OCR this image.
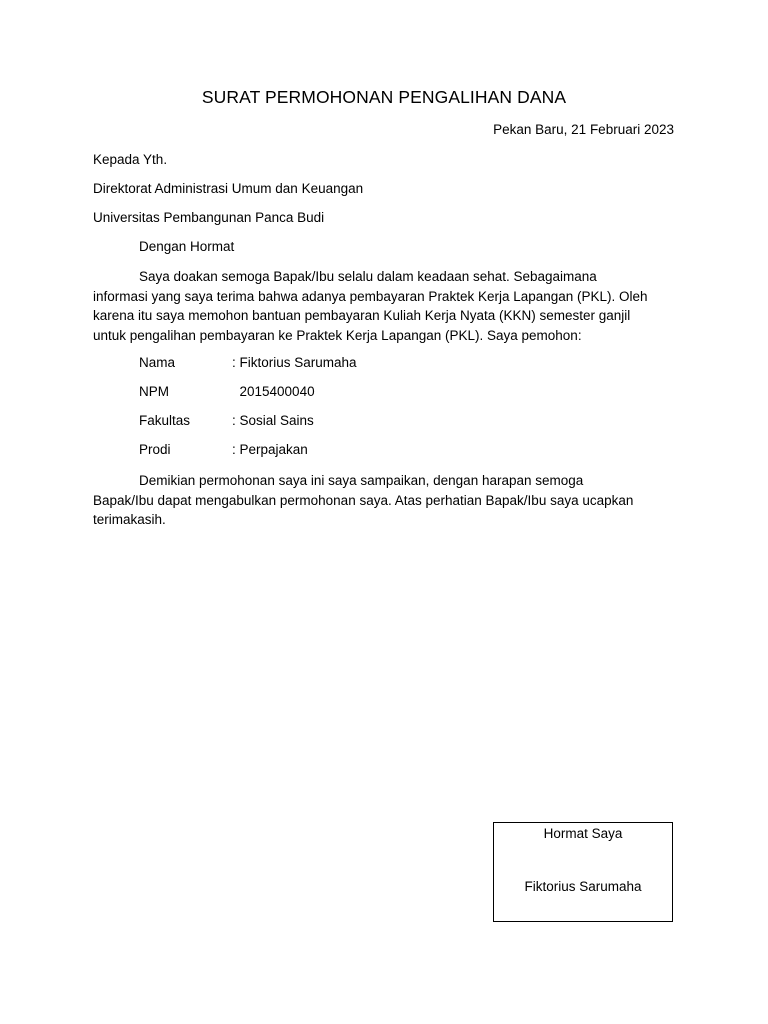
SURAT PERMOHONAN PENGALIHAN DANA
Pekan Baru, 21 Februari 2023
Kepada Yth.
Direktorat Administrasi Umum dan Keuangan
Universitas Pembangunan Panca Budi
Dengan Hormat

Saya doakan semoga Bapak/Ibu selalu dalam keadaan sehat. Sebagaimana
informasi yang saya terima bahwa adanya pembayaran Praktek Kerja Lapangan (PKL). Oleh
karena itu saya memohon bantuan pembayaran Kuliah Kerja Nyata (KKN) semester ganjil
untuk pengalihan pembayaran ke Praktek Kerja Lapangan (PKL). Saya pemohon:

Nama	: Fiktorius Sarumaha
NPM	2015400040
Fakultas	: Sosial Sains
Prodi	: Perpajakan

Demikian permohonan saya ini saya sampaikan, dengan harapan semoga
Bapak/Ibu dapat mengabulkan permohonan saya. Atas perhatian Bapak/Ibu saya ucapkan
terimakasih.

Hormat Saya
Fiktorius Sarumaha
